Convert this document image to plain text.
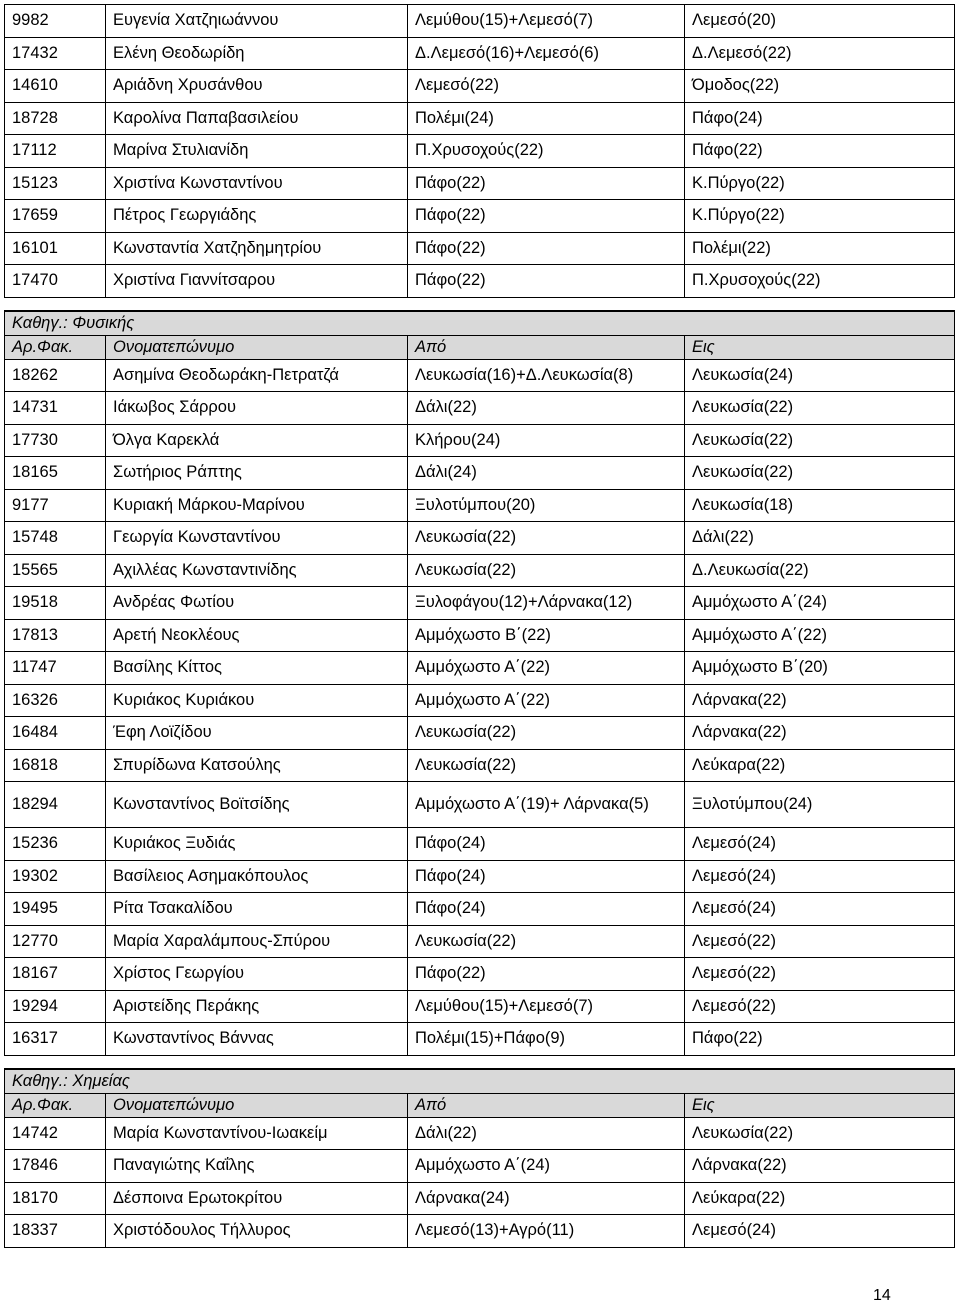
9982	Ευγενία Χατζηιωάννου	Λεμύθου(15)+Λεμεσό(7)	Λεμεσό(20)
17432	Ελένη Θεοδωρίδη	Δ.Λεμεσό(16)+Λεμεσό(6)	Δ.Λεμεσό(22)
14610	Αριάδνη Χρυσάνθου	Λεμεσό(22)	Όμοδος(22)
18728	Καρολίνα Παπαβασιλείου	Πολέμι(24)	Πάφο(24)
17112	Μαρίνα Στυλιανίδη	Π.Χρυσοχούς(22)	Πάφο(22)
15123	Χριστίνα Κωνσταντίνου	Πάφο(22)	Κ.Πύργο(22)
17659	Πέτρος Γεωργιάδης	Πάφο(22)	Κ.Πύργο(22)
16101	Κωνσταντία Χατζηδημητρίου	Πάφο(22)	Πολέμι(22)
17470	Χριστίνα Γιαννίτσαρου	Πάφο(22)	Π.Χρυσοχούς(22)

Καθηγ.: Φυσικής			
Αρ.Φακ.	Ονοματεπώνυμο	Από	Εις
18262	Ασημίνα Θεοδωράκη-Πετρατζά	Λευκωσία(16)+Δ.Λευκωσία(8)	Λευκωσία(24)
14731	Ιάκωβος Σάρρου	Δάλι(22)	Λευκωσία(22)
17730	Όλγα Καρεκλά	Κλήρου(24)	Λευκωσία(22)
18165	Σωτήριος Ράπτης	Δάλι(24)	Λευκωσία(22)
9177	Κυριακή Μάρκου-Μαρίνου	Ξυλοτύμπου(20)	Λευκωσία(18)
15748	Γεωργία Κωνσταντίνου	Λευκωσία(22)	Δάλι(22)
15565	Αχιλλέας Κωνσταντινίδης	Λευκωσία(22)	Δ.Λευκωσία(22)
19518	Ανδρέας Φωτίου	Ξυλοφάγου(12)+Λάρνακα(12)	Αμμόχωστο Α΄(24)
17813	Αρετή Νεοκλέους	Αμμόχωστο Β΄(22)	Αμμόχωστο Α΄(22)
11747	Βασίλης Κίττος	Αμμόχωστο Α΄(22)	Αμμόχωστο Β΄(20)
16326	Κυριάκος Κυριάκου	Αμμόχωστο Α΄(22)	Λάρνακα(22)
16484	Έφη Λοϊζίδου	Λευκωσία(22)	Λάρνακα(22)
16818	Σπυρίδωνα Κατσούλης	Λευκωσία(22)	Λεύκαρα(22)
18294	Κωνσταντίνος Βοϊτσίδης	Αμμόχωστο Α΄(19)+ Λάρνακα(5)	Ξυλοτύμπου(24)
15236	Κυριάκος Ξυδιάς	Πάφο(24)	Λεμεσό(24)
19302	Βασίλειος Ασημακόπουλος	Πάφο(24)	Λεμεσό(24)
19495	Ρίτα Τσακαλίδου	Πάφο(24)	Λεμεσό(24)
12770	Μαρία Χαραλάμπους-Σπύρου	Λευκωσία(22)	Λεμεσό(22)
18167	Χρίστος Γεωργίου	Πάφο(22)	Λεμεσό(22)
19294	Αριστείδης Περάκης	Λεμύθου(15)+Λεμεσό(7)	Λεμεσό(22)
16317	Κωνσταντίνος Βάννας	Πολέμι(15)+Πάφο(9)	Πάφο(22)

Καθηγ.: Χημείας			
Αρ.Φακ.	Ονοματεπώνυμο	Από	Εις
14742	Μαρία Κωνσταντίνου-Ιωακείμ	Δάλι(22)	Λευκωσία(22)
17846	Παναγιώτης Καΐλης	Αμμόχωστο Α΄(24)	Λάρνακα(22)
18170	Δέσποινα Ερωτοκρίτου	Λάρνακα(24)	Λεύκαρα(22)
18337	Χριστόδουλος Τήλλυρος	Λεμεσό(13)+Αγρό(11)	Λεμεσό(24)
14
